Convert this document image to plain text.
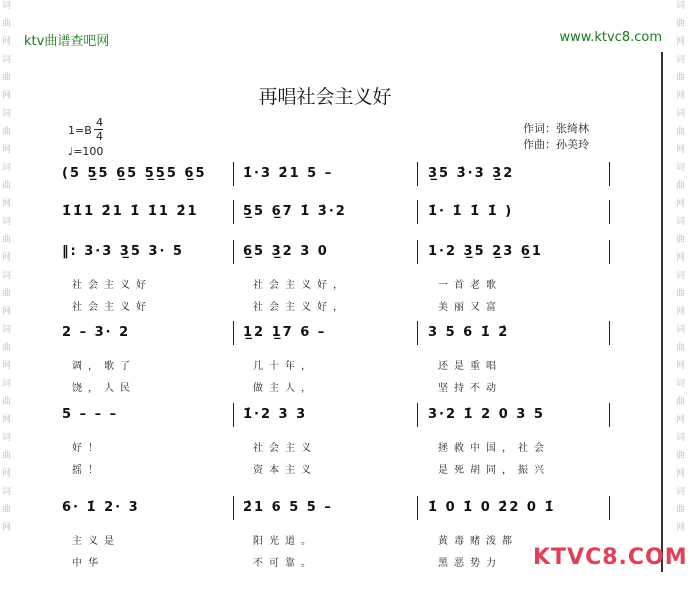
词
曲
网
词
曲
网
词
曲
网
词
曲
网
词
曲
网
词
曲
网
词
曲
网
词
曲
网
词
曲
网
词
曲
网
词
曲
网
词
曲
网
词
曲
网
词
曲
网
词
曲
网
词
曲
网
词
曲
网
词
曲
网
词
曲
网
词
曲
网
ktv曲谱查吧网	www.ktvc8.com
再唱社会主义好
1=B
4
4
♩=100
作词：张绮林
作曲：孙美玲
(5 5̲5 6̲5 5̲5̲5 6̲5	1̇·3 2̇1 5 –	3̲5 3̇·3 3̲2
1̇1̇1 2̇1 1̇ 1̇1 2̇1	5̲5 6̲7 1̇ 3̇·2	1̇· 1̇ 1̇ 1̇ )
‖: 3·3 3̲5 3· 5	6̲5 3̲2 3 0	1·2 3̲5 2̲3 6̲1
社会主义好	社会主义好，	一首老歌
社会主义好	社会主义好，	美丽又富
2 – 3· 2	1̲2 1̲7 6 –	3 5 6 1̇ 2̇
调，歌了	几十年，	还是重唱
饶，人民	做主人，	坚持不动
5 – – –	1̇·2 3 3	3·2 1̇ 2 0 3 5
好！	社会主义	拯救中国，社会
摇！	资本主义	是死胡同，振兴
6· 1̇ 2· 3	2̇1 6 5 5 –	1̇ 0 1̇ 0 2̇2 0 1̇
主义是	阳光道。	黄毒赌泼都
中华	不可靠。	黑恶势力 KTVC8.COM
